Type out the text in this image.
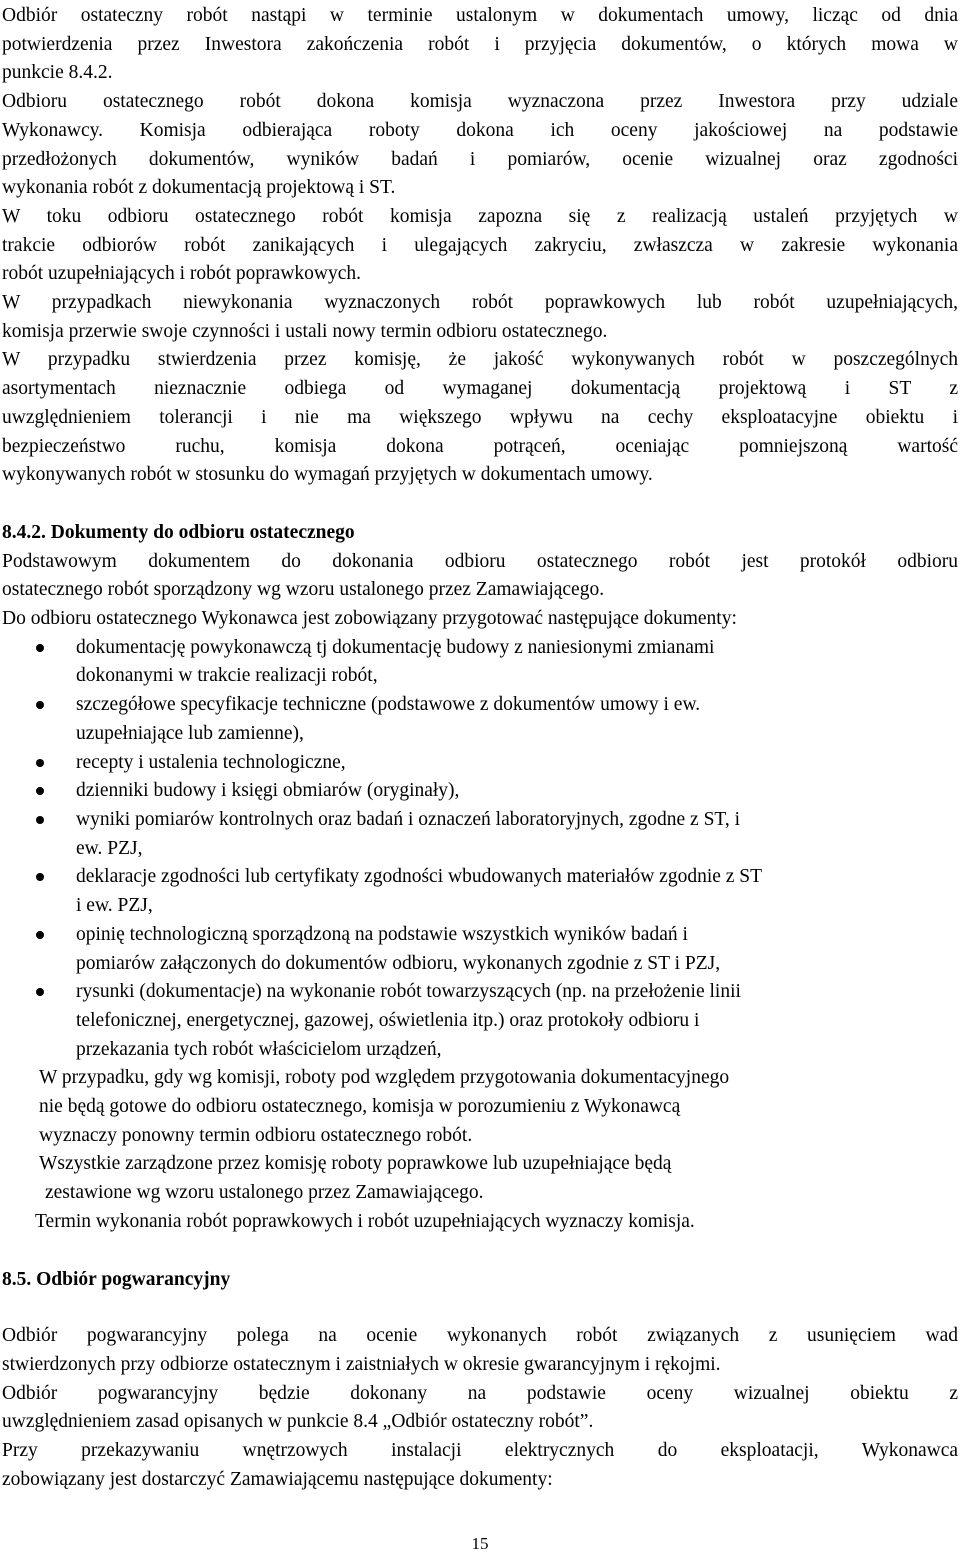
Odbiór ostateczny robót nastąpi w terminie ustalonym w dokumentach umowy, licząc od dnia
potwierdzenia przez Inwestora zakończenia robót i przyjęcia dokumentów, o których mowa w
punkcie 8.4.2.

Odbioru ostatecznego robót dokona komisja wyznaczona przez Inwestora przy udziale
Wykonawcy. Komisja odbierająca roboty dokona ich oceny jakościowej na podstawie
przedłożonych dokumentów, wyników badań i pomiarów, ocenie wizualnej oraz zgodności
wykonania robót z dokumentacją projektową i ST.

W toku odbioru ostatecznego robót komisja zapozna się z realizacją ustaleń przyjętych w
trakcie odbiorów robót zanikających i ulegających zakryciu, zwłaszcza w zakresie wykonania
robót uzupełniających i robót poprawkowych.

W przypadkach niewykonania wyznaczonych robót poprawkowych lub robót uzupełniających,
komisja przerwie swoje czynności i ustali nowy termin odbioru ostatecznego.

W przypadku stwierdzenia przez komisję, że jakość wykonywanych robót w poszczególnych
asortymentach nieznacznie odbiega od wymaganej dokumentacją projektową i ST z
uwzględnieniem tolerancji i nie ma większego wpływu na cechy eksploatacyjne obiektu i
bezpieczeństwo ruchu, komisja dokona potrąceń, oceniając pomniejszoną wartość
wykonywanych robót w stosunku do wymagań przyjętych w dokumentach umowy.

8.4.2. Dokumenty do odbioru ostatecznego

Podstawowym dokumentem do dokonania odbioru ostatecznego robót jest protokół odbioru
ostatecznego robót sporządzony wg wzoru ustalonego przez Zamawiającego.

Do odbioru ostatecznego Wykonawca jest zobowiązany przygotować następujące dokumenty:

dokumentację powykonawczą tj dokumentację budowy z naniesionymi zmianami
dokonanymi w trakcie realizacji robót,
szczegółowe specyfikacje techniczne (podstawowe z dokumentów umowy i ew.
uzupełniające lub zamienne),
recepty i ustalenia technologiczne,
dzienniki budowy i księgi obmiarów (oryginały),
wyniki pomiarów kontrolnych oraz badań i oznaczeń laboratoryjnych, zgodne z ST, i
ew. PZJ,
deklaracje zgodności lub certyfikaty zgodności wbudowanych materiałów zgodnie z ST
i ew. PZJ,
opinię technologiczną sporządzoną na podstawie wszystkich wyników badań i
pomiarów załączonych do dokumentów odbioru, wykonanych zgodnie z ST i PZJ,
rysunki (dokumentacje) na wykonanie robót towarzyszących (np. na przełożenie linii
telefonicznej, energetycznej, gazowej, oświetlenia itp.) oraz protokoły odbioru i
przekazania tych robót właścicielom urządzeń,

W przypadku, gdy wg komisji, roboty pod względem przygotowania dokumentacyjnego
nie będą gotowe do odbioru ostatecznego, komisja w porozumieniu z Wykonawcą
wyznaczy ponowny termin odbioru ostatecznego robót.

Wszystkie zarządzone przez komisję roboty poprawkowe lub uzupełniające będą
zestawione wg wzoru ustalonego przez Zamawiającego.

Termin wykonania robót poprawkowych i robót uzupełniających wyznaczy komisja.

8.5. Odbiór pogwarancyjny

Odbiór pogwarancyjny polega na ocenie wykonanych robót związanych z usunięciem wad
stwierdzonych przy odbiorze ostatecznym i zaistniałych w okresie gwarancyjnym i rękojmi.

Odbiór pogwarancyjny będzie dokonany na podstawie oceny wizualnej obiektu z
uwzględnieniem zasad opisanych w punkcie 8.4 „Odbiór ostateczny robót”.

Przy przekazywaniu wnętrzowych instalacji elektrycznych do eksploatacji, Wykonawca
zobowiązany jest dostarczyć Zamawiającemu następujące dokumenty:

15
